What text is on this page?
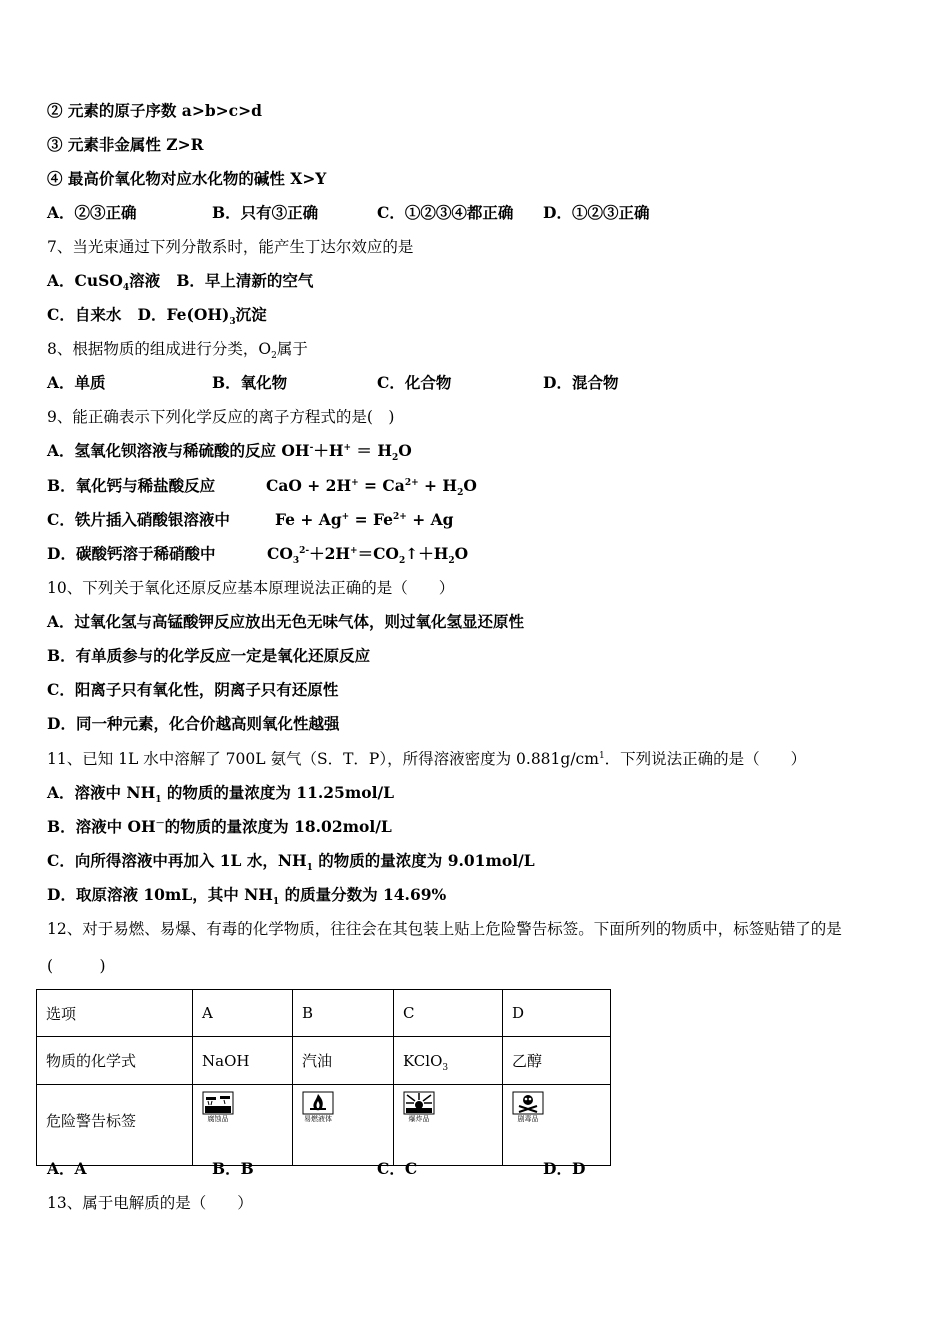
② 元素的原子序数 a>b>c>d
③ 元素非金属性 Z>R
④ 最高价氧化物对应水化物的碱性 X>Y
A．②③正确	B．只有③正确	C．①②③④都正确 D．①②③正确
7、当光束通过下列分散系时，能产生丁达尔效应的是
A．CuSO$_4$溶液 B．早上清新的空气
C．自来水 D．$Fe(OH)_3$沉淀
8、根据物质的组成进行分类，$O_2$属于
A．单质	B．氧化物	C．化合物	D．混合物
9、能正确表示下列化学反应的离子方程式的是(　)
A．氢氧化钡溶液与稀硫酸的反应 $OH^-+H^+ = H_2O$
B．氧化钙与稀盐酸反应	CaO + $2H^+ = Ca^{2+} + H_2O$
C．铁片插入硝酸银溶液中	$Fe + Ag^+ = Fe^{2+} + Ag$
D．碳酸钙溶于稀硝酸中	$CO_3^{2-}+2H^+=CO_2↑+H_2O$
10、下列关于氧化还原反应基本原理说法正确的是（　　）
A．过氧化氢与高锰酸钾反应放出无色无味气体，则过氧化氢显还原性
B．有单质参与的化学反应一定是氧化还原反应
C．阳离子只有氧化性，阴离子只有还原性
D．同一种元素，化合价越高则氧化性越强
11、已知 1L 水中溶解了 700L 氨气（S．T．P），所得溶液密度为 $0.881g/cm^1$．下列说法正确的是（　　）
A．溶液中 $NH_1$ 的物质的量浓度为 11.25mol/L
B．溶液中 OH－的物质的量浓度为 18.02mol/L
C．向所得溶液中再加入 1L 水，$NH_1$ 的物质的量浓度为 9.01mol/L
D．取原溶液 10mL，其中 $NH_1$ 的质量分数为 14.69%
12、对于易燃、易爆、有毒的化学物质，往往会在其包装上贴上危险警告标签。下面所列的物质中，标签贴错了的是
(　　　)
选项	A	B	C	D
物质的化学式	NaOH	汽油	KClO$_3$	乙醇
危险警告标签	腐蚀品	易燃液体	爆炸品	剧毒品
A．A	B．B	C．C	D．D
13、属于电解质的是（　　）
